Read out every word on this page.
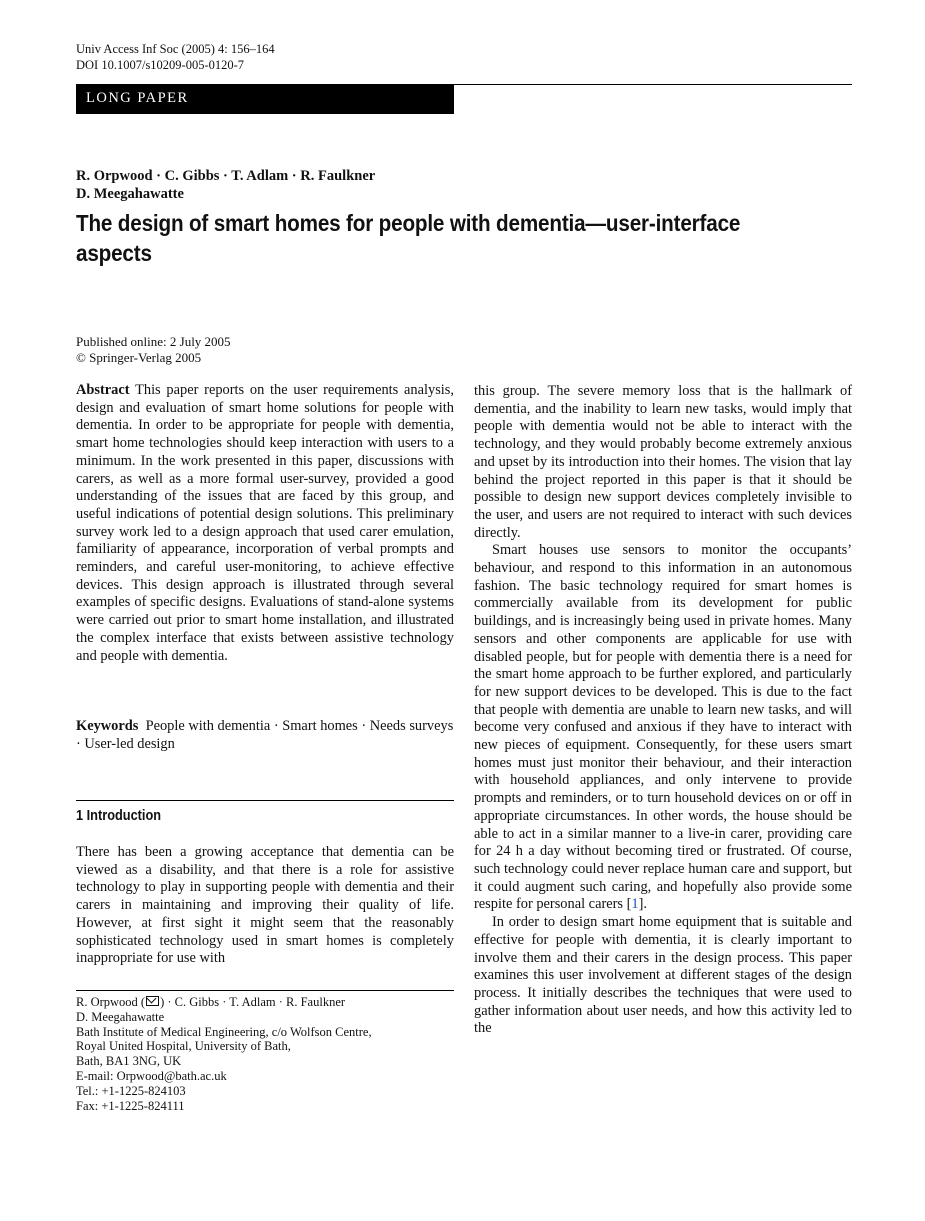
Univ Access Inf Soc (2005) 4: 156–164
DOI 10.1007/s10209-005-0120-7
LONG PAPER
R. Orpwood · C. Gibbs · T. Adlam · R. Faulkner
D. Meegahawatte
The design of smart homes for people with dementia—user-interface aspects
Published online: 2 July 2005
© Springer-Verlag 2005

Abstract This paper reports on the user requirements analysis, design and evaluation of smart home solutions for people with dementia. In order to be appropriate for people with dementia, smart home technologies should keep interaction with users to a minimum. In the work presented in this paper, discussions with carers, as well as a more formal user-survey, provided a good understanding of the issues that are faced by this group, and useful indications of potential design solutions. This preliminary survey work led to a design approach that used carer emulation, familiarity of appearance, incorporation of verbal prompts and reminders, and careful user-monitoring, to achieve effective devices. This design approach is illustrated through several examples of specific designs. Evaluations of stand-alone systems were carried out prior to smart home installation, and illustrated the complex interface that exists between assistive technology and people with dementia.

Keywords People with dementia · Smart homes · Needs surveys · User-led design
1 Introduction

There has been a growing acceptance that dementia can be viewed as a disability, and that there is a role for assistive technology to play in supporting people with dementia and their carers in maintaining and improving their quality of life. However, at first sight it might seem that the reasonably sophisticated technology used in smart homes is completely inappropriate for use with

R. Orpwood ( ) · C. Gibbs · T. Adlam · R. Faulkner
D. Meegahawatte
Bath Institute of Medical Engineering, c/o Wolfson Centre,
Royal United Hospital, University of Bath,
Bath, BA1 3NG, UK
E-mail: Orpwood@bath.ac.uk
Tel.: +1-1225-824103
Fax: +1-1225-824111

this group. The severe memory loss that is the hallmark of dementia, and the inability to learn new tasks, would imply that people with dementia would not be able to interact with the technology, and they would probably become extremely anxious and upset by its introduction into their homes. The vision that lay behind the project reported in this paper is that it should be possible to design new support devices completely invisible to the user, and users are not required to interact with such devices directly.

Smart houses use sensors to monitor the occupants’ behaviour, and respond to this information in an autonomous fashion. The basic technology required for smart homes is commercially available from its development for public buildings, and is increasingly being used in private homes. Many sensors and other components are applicable for use with disabled people, but for people with dementia there is a need for the smart home approach to be further explored, and particularly for new support devices to be developed. This is due to the fact that people with dementia are unable to learn new tasks, and will become very confused and anxious if they have to interact with new pieces of equipment. Consequently, for these users smart homes must just monitor their behaviour, and their interaction with household appliances, and only intervene to provide prompts and reminders, or to turn household devices on or off in appropriate circumstances. In other words, the house should be able to act in a similar manner to a live-in carer, providing care for 24 h a day without becoming tired or frustrated. Of course, such technology could never replace human care and support, but it could augment such caring, and hopefully also provide some respite for personal carers [1].

In order to design smart home equipment that is suitable and effective for people with dementia, it is clearly important to involve them and their carers in the design process. This paper examines this user involvement at different stages of the design process. It initially describes the techniques that were used to gather information about user needs, and how this activity led to the
